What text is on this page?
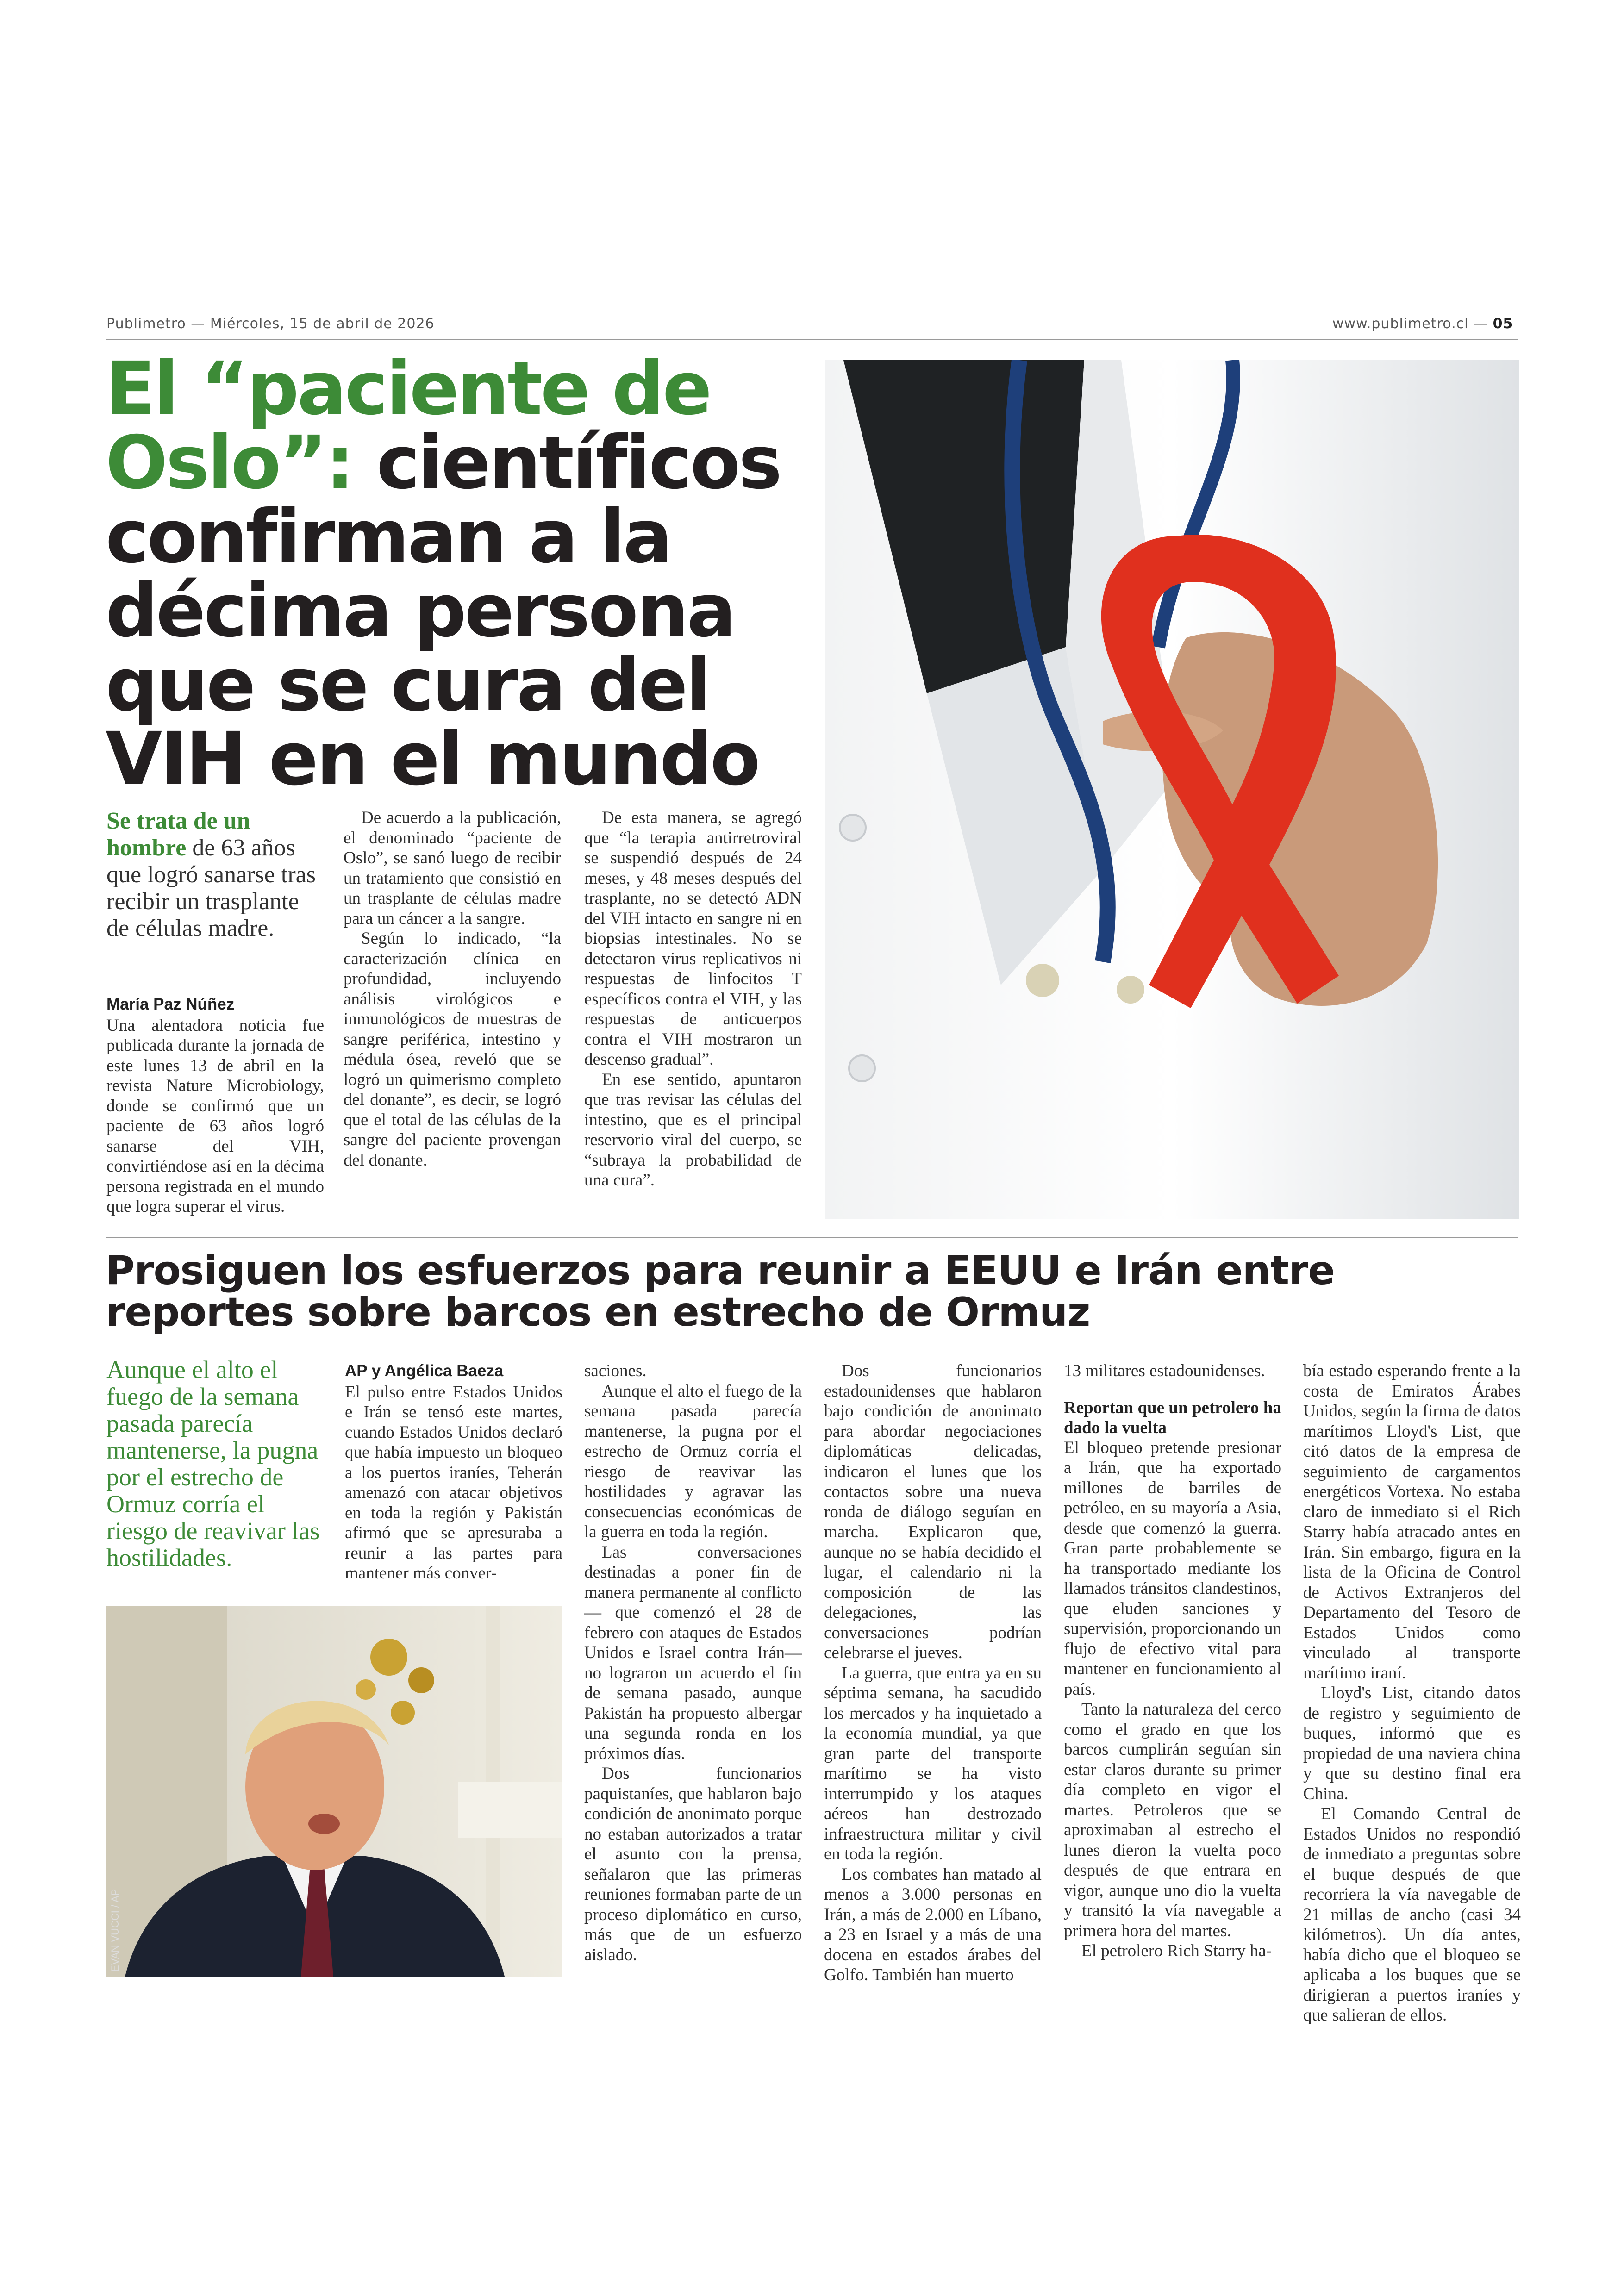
Publimetro — Miércoles, 15 de abril de 2026	www.publimetro.cl — 05
El “paciente de Oslo”: científicos confirman a la décima persona que se cura del VIH en el mundo
Se trata de un hombre de 63 años que logró sanarse tras recibir un trasplante de células madre.
María Paz Núñez

Una alentadora noticia fue publicada durante la jornada de este lunes 13 de abril en la revista Nature Microbiology, donde se confirmó que un paciente de 63 años logró sanarse del VIH, convirtiéndose así en la décima persona registrada en el mundo que logra superar el virus.

De acuerdo a la publicación, el denominado “paciente de Oslo”, se sanó luego de recibir un tratamiento que consistió en un trasplante de células madre para un cáncer a la sangre.

Según lo indicado, “la caracterización clínica en profundidad, incluyendo análisis virológicos e inmunológicos de muestras de sangre periférica, intestino y médula ósea, reveló que se logró un quimerismo completo del donante”, es decir, se logró que el total de las células de la sangre del paciente provengan del donante.

De esta manera, se agregó que “la terapia antirretroviral se suspendió después de 24 meses, y 48 meses después del trasplante, no se detectó ADN del VIH intacto en sangre ni en biopsias intestinales. No se detectaron virus replicativos ni respuestas de linfocitos T específicos contra el VIH, y las respuestas de anticuerpos contra el VIH mostraron un descenso gradual”.

En ese sentido, apuntaron que tras revisar las células del intestino, que es el principal reservorio viral del cuerpo, se “subraya la probabilidad de una cura”.

Prosiguen los esfuerzos para reunir a EEUU e Irán entre reportes sobre barcos en estrecho de Ormuz
Aunque el alto el fuego de la semana pasada parecía mantenerse, la pugna por el estrecho de Ormuz corría el riesgo de reavivar las hostilidades.
EVAN VUCCI / AP
AP y Angélica Baeza

El pulso entre Estados Unidos e Irán se tensó este martes, cuando Estados Unidos declaró que había impuesto un bloqueo a los puertos iraníes, Teherán amenazó con atacar objetivos en toda la región y Pakistán afirmó que se apresuraba a reunir a las partes para mantener más conver-

saciones.

Aunque el alto el fuego de la semana pasada parecía mantenerse, la pugna por el estrecho de Ormuz corría el riesgo de reavivar las hostilidades y agravar las consecuencias económicas de la guerra en toda la región.

Las conversaciones destinadas a poner fin de manera permanente al conflicto — que comenzó el 28 de febrero con ataques de Estados Unidos e Israel contra Irán— no lograron un acuerdo el fin de semana pasado, aunque Pakistán ha propuesto albergar una segunda ronda en los próximos días.

Dos funcionarios paquistaníes, que hablaron bajo condición de anonimato porque no estaban autorizados a tratar el asunto con la prensa, señalaron que las primeras reuniones formaban parte de un proceso diplomático en curso, más que de un esfuerzo aislado.

Dos funcionarios estadounidenses que hablaron bajo condición de anonimato para abordar negociaciones diplomáticas delicadas, indicaron el lunes que los contactos sobre una nueva ronda de diálogo seguían en marcha. Explicaron que, aunque no se había decidido el lugar, el calendario ni la composición de las delegaciones, las conversaciones podrían celebrarse el jueves.

La guerra, que entra ya en su séptima semana, ha sacudido los mercados y ha inquietado a la economía mundial, ya que gran parte del transporte marítimo se ha visto interrumpido y los ataques aéreos han destrozado infraestructura militar y civil en toda la región.

Los combates han matado al menos a 3.000 personas en Irán, a más de 2.000 en Líbano, a 23 en Israel y a más de una docena en estados árabes del Golfo. También han muerto

13 militares estadounidenses.

Reportan que un petrolero ha dado la vuelta

El bloqueo pretende presionar a Irán, que ha exportado millones de barriles de petróleo, en su mayoría a Asia, desde que comenzó la guerra. Gran parte probablemente se ha transportado mediante los llamados tránsitos clandestinos, que eluden sanciones y supervisión, proporcionando un flujo de efectivo vital para mantener en funcionamiento al país.

Tanto la naturaleza del cerco como el grado en que los barcos cumplirán seguían sin estar claros durante su primer día completo en vigor el martes. Petroleros que se aproximaban al estrecho el lunes dieron la vuelta poco después de que entrara en vigor, aunque uno dio la vuelta y transitó la vía navegable a primera hora del martes.

El petrolero Rich Starry ha-

bía estado esperando frente a la costa de Emiratos Árabes Unidos, según la firma de datos marítimos Lloyd's List, que citó datos de la empresa de seguimiento de cargamentos energéticos Vortexa. No estaba claro de inmediato si el Rich Starry había atracado antes en Irán. Sin embargo, figura en la lista de la Oficina de Control de Activos Extranjeros del Departamento del Tesoro de Estados Unidos como vinculado al transporte marítimo iraní.

Lloyd's List, citando datos de registro y seguimiento de buques, informó que es propiedad de una naviera china y que su destino final era China.

El Comando Central de Estados Unidos no respondió de inmediato a preguntas sobre el buque después de que recorriera la vía navegable de 21 millas de ancho (casi 34 kilómetros). Un día antes, había dicho que el bloqueo se aplicaba a los buques que se dirigieran a puertos iraníes y que salieran de ellos.
